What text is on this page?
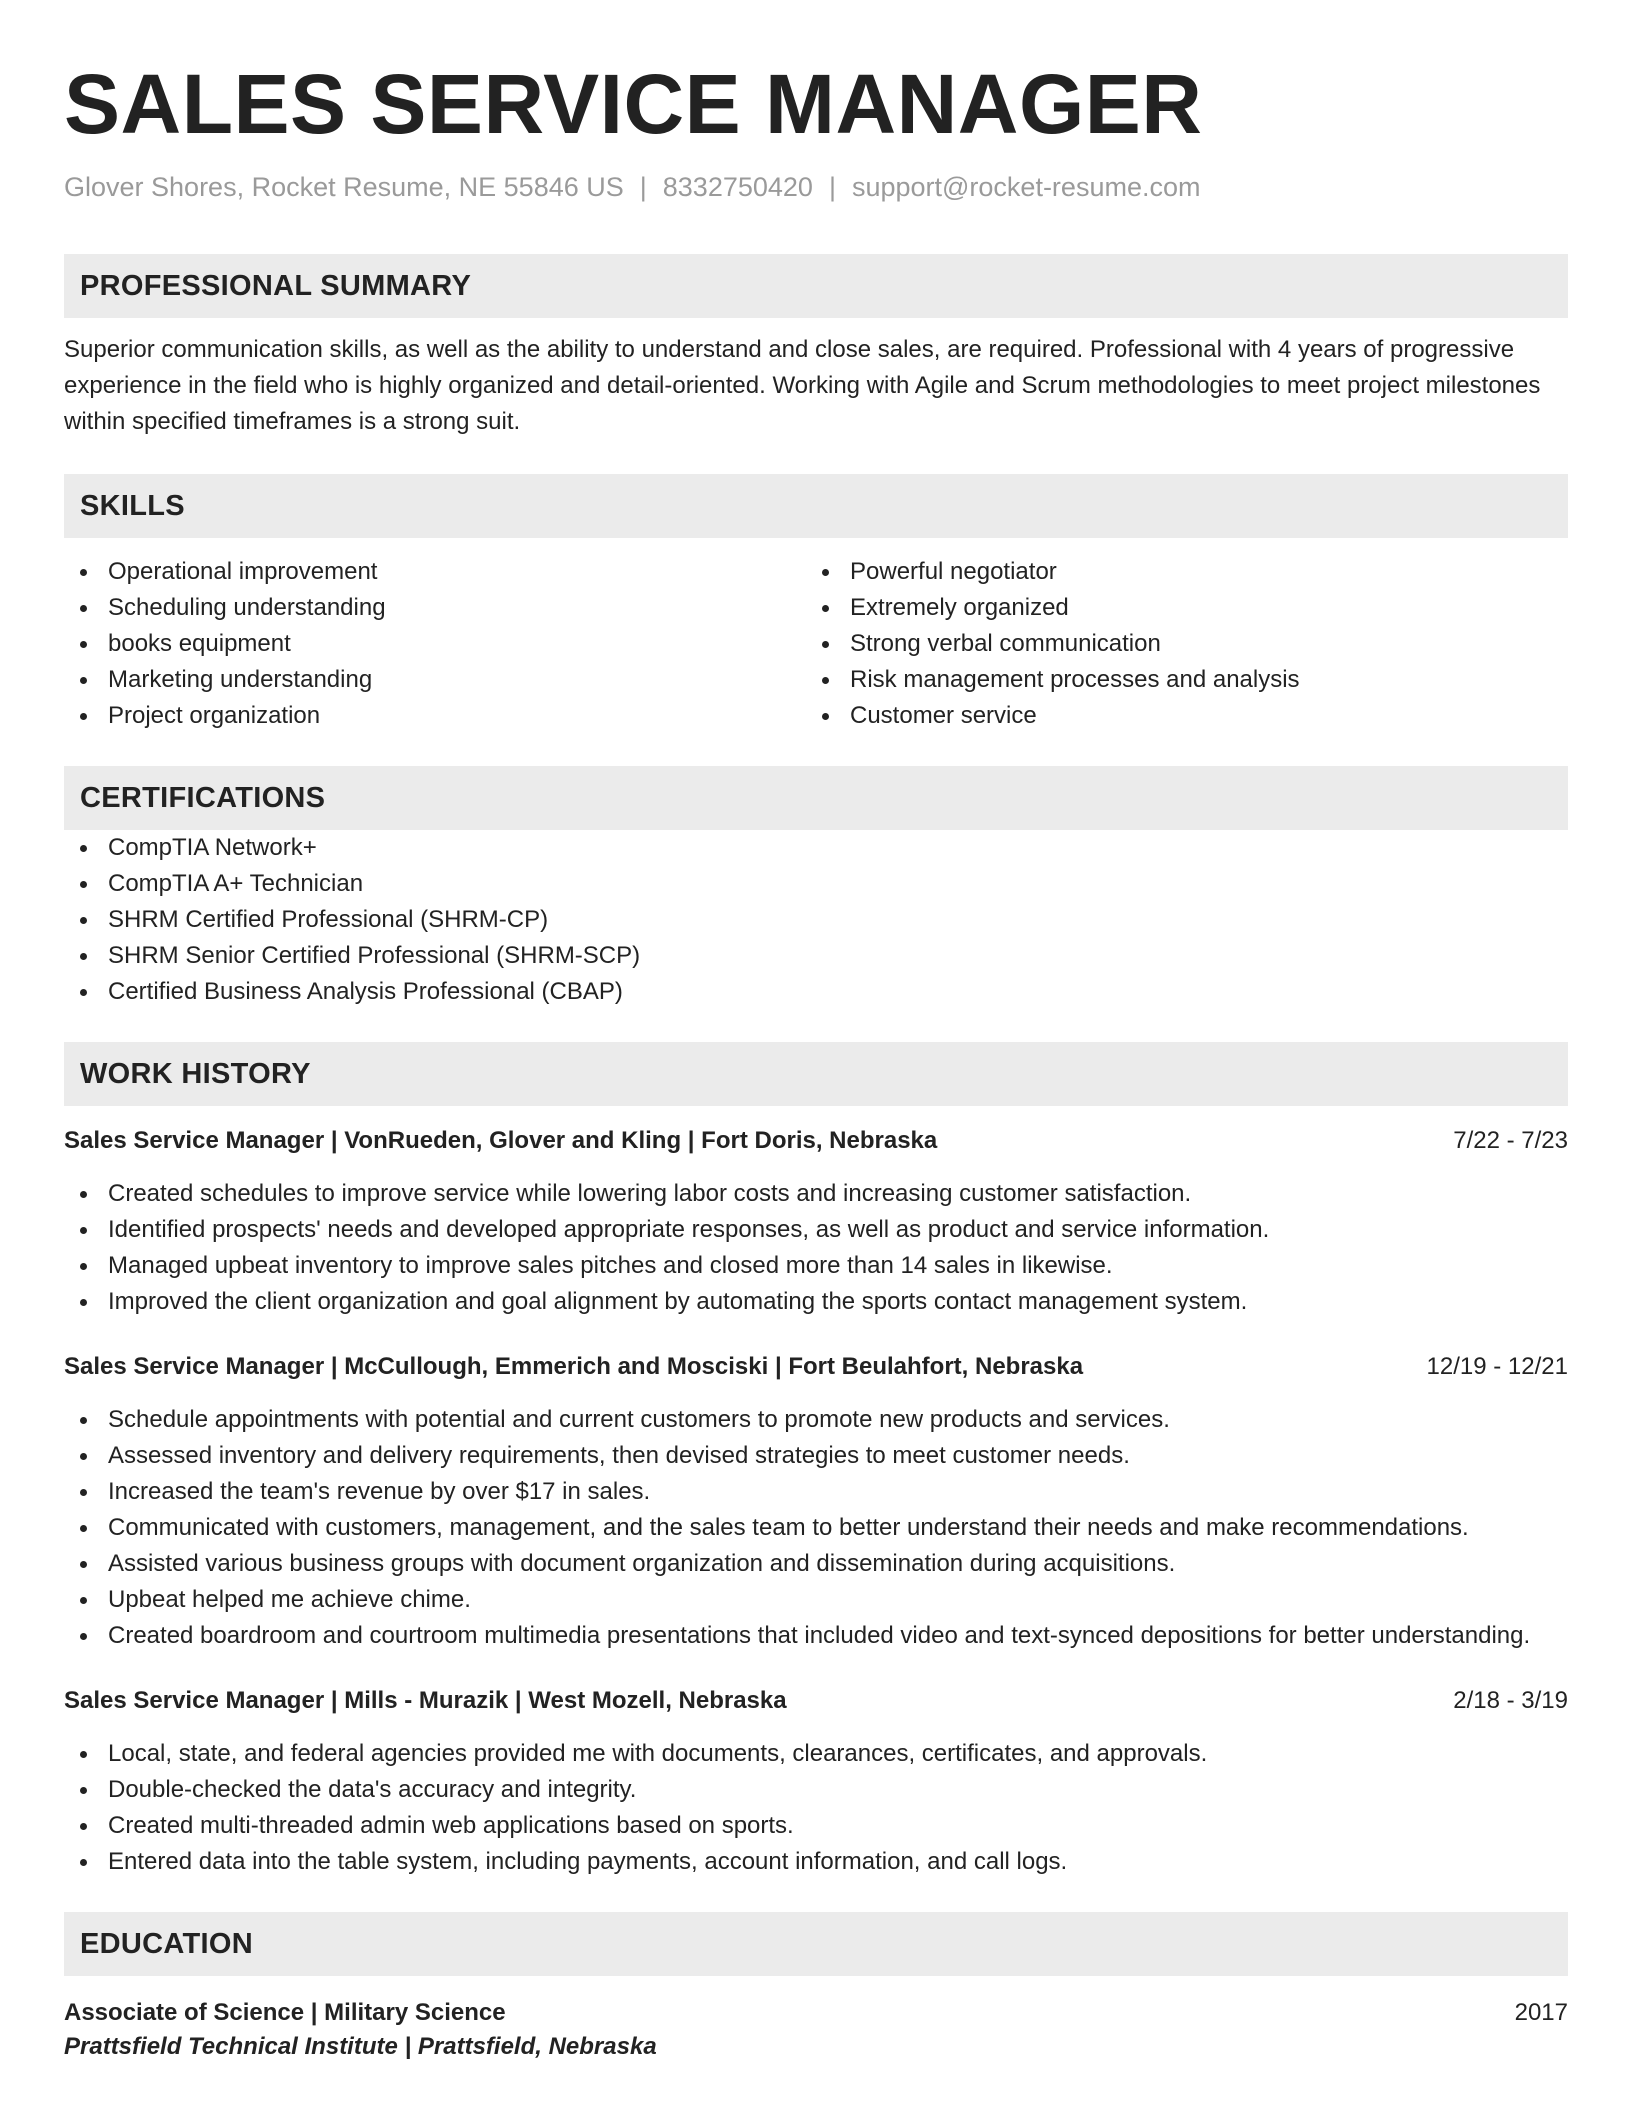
SALES SERVICE MANAGER
Glover Shores, Rocket Resume, NE 55846 US | 8332750420 | support@rocket-resume.com
PROFESSIONAL SUMMARY
Superior communication skills, as well as the ability to understand and close sales, are required. Professional with 4 years of progressive experience in the field who is highly organized and detail-oriented. Working with Agile and Scrum methodologies to meet project milestones within specified timeframes is a strong suit.
SKILLS
Operational improvement
Scheduling understanding
books equipment
Marketing understanding
Project organization
Powerful negotiator
Extremely organized
Strong verbal communication
Risk management processes and analysis
Customer service
CERTIFICATIONS
CompTIA Network+
CompTIA A+ Technician
SHRM Certified Professional (SHRM-CP)
SHRM Senior Certified Professional (SHRM-SCP)
Certified Business Analysis Professional (CBAP)
WORK HISTORY
Sales Service Manager | VonRueden, Glover and Kling | Fort Doris, Nebraska	7/22 - 7/23
Created schedules to improve service while lowering labor costs and increasing customer satisfaction.
Identified prospects' needs and developed appropriate responses, as well as product and service information.
Managed upbeat inventory to improve sales pitches and closed more than 14 sales in likewise.
Improved the client organization and goal alignment by automating the sports contact management system.
Sales Service Manager | McCullough, Emmerich and Mosciski | Fort Beulahfort, Nebraska	12/19 - 12/21
Schedule appointments with potential and current customers to promote new products and services.
Assessed inventory and delivery requirements, then devised strategies to meet customer needs.
Increased the team's revenue by over $17 in sales.
Communicated with customers, management, and the sales team to better understand their needs and make recommendations.
Assisted various business groups with document organization and dissemination during acquisitions.
Upbeat helped me achieve chime.
Created boardroom and courtroom multimedia presentations that included video and text-synced depositions for better understanding.
Sales Service Manager | Mills - Murazik | West Mozell, Nebraska	2/18 - 3/19
Local, state, and federal agencies provided me with documents, clearances, certificates, and approvals.
Double-checked the data's accuracy and integrity.
Created multi-threaded admin web applications based on sports.
Entered data into the table system, including payments, account information, and call logs.
EDUCATION
Associate of Science | Military Science	2017
Prattsfield Technical Institute | Prattsfield, Nebraska
